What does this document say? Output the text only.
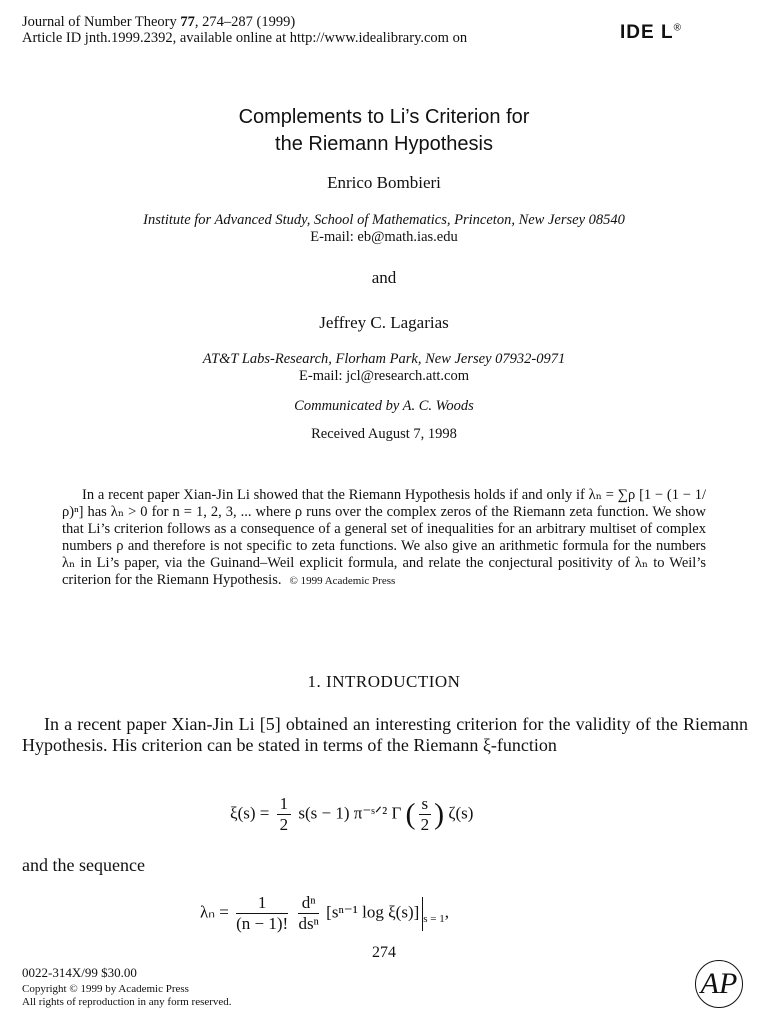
Journal of Number Theory 77, 274–287 (1999)
Article ID jnth.1999.2392, available online at http://www.idealibrary.com on	IDE L®
Complements to Li’s Criterion for
the Riemann Hypothesis
Enrico Bombieri
Institute for Advanced Study, School of Mathematics, Princeton, New Jersey 08540
E-mail: eb@math.ias.edu
and
Jeffrey C. Lagarias
AT&T Labs-Research, Florham Park, New Jersey 07932-0971
E-mail: jcl@research.att.com
Communicated by A. C. Woods
Received August 7, 1998
In a recent paper Xian-Jin Li showed that the Riemann Hypothesis holds if and only if λₙ = ∑ρ [1 − (1 − 1/ρ)ⁿ] has λₙ > 0 for n = 1, 2, 3, ... where ρ runs over the complex zeros of the Riemann zeta function. We show that Li’s criterion follows as a consequence of a general set of inequalities for an arbitrary multiset of complex numbers ρ and therefore is not specific to zeta functions. We also give an arithmetic formula for the numbers λₙ in Li’s paper, via the Guinand–Weil explicit formula, and relate the conjectural positivity of λₙ to Weil’s criterion for the Riemann Hypothesis. © 1999 Academic Press
1. INTRODUCTION
In a recent paper Xian-Jin Li [5] obtained an interesting criterion for the validity of the Riemann Hypothesis. His criterion can be stated in terms of the Riemann ξ-function
$\xi(s) = \frac{1}{2} s(s - 1)$ π⁻ˢᐟ² Γ ( $\frac{s}{2}$ ) ζ(s)
and the sequence
$\lambda_n = \frac{1}{(n - 1)!}$
$\frac{\text{dⁿ}}{\text{dsⁿ}} [s^{n-1}$ log ξ(s)] $_{s = 1}$,
274
0022-314X/99 $30.00
Copyright © 1999 by Academic Press
All rights of reproduction in any form reserved.
AP
